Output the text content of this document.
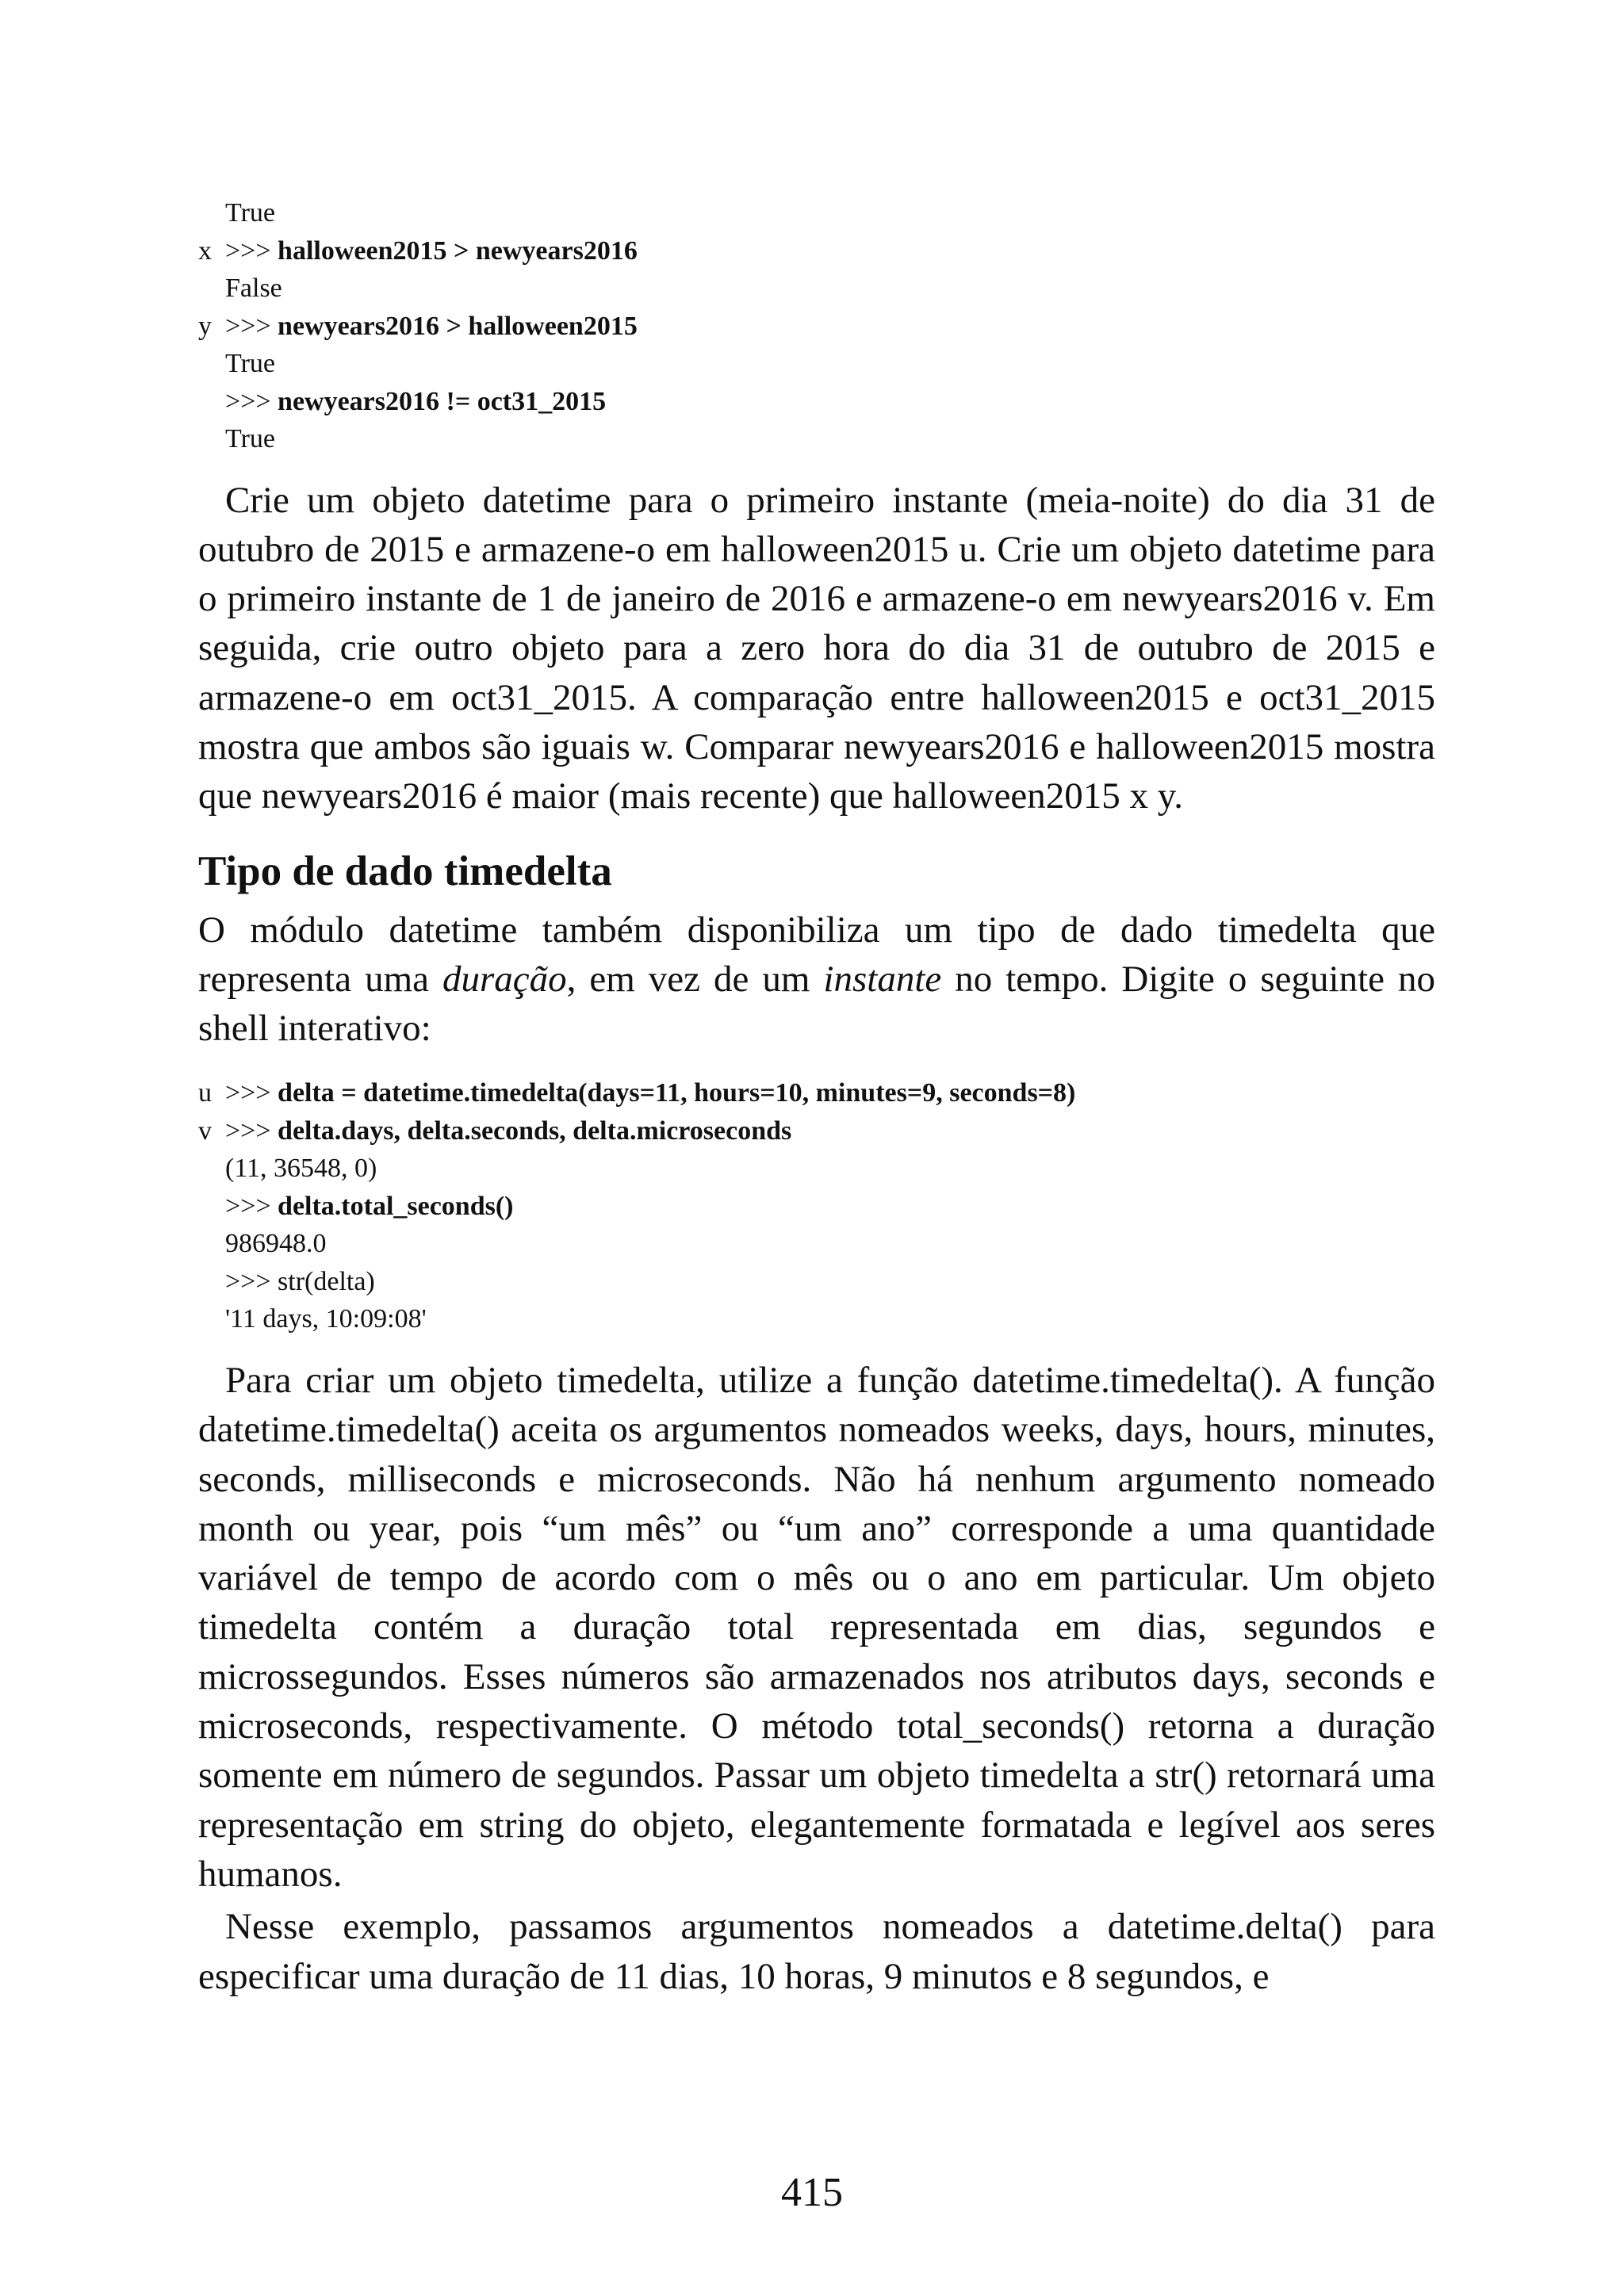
True
x >>> halloween2015 > newyears2016
False
y >>> newyears2016 > halloween2015
True
>>> newyears2016 != oct31_2015
True

Crie um objeto datetime para o primeiro instante (meia-noite) do dia 31 de outubro de 2015 e armazene-o em halloween2015 u. Crie um objeto datetime para o primeiro instante de 1 de janeiro de 2016 e armazene-o em newyears2016 v. Em seguida, crie outro objeto para a zero hora do dia 31 de outubro de 2015 e armazene-o em oct31_2015. A comparação entre halloween2015 e oct31_2015 mostra que ambos são iguais w. Comparar newyears2016 e halloween2015 mostra que newyears2016 é maior (mais recente) que halloween2015 x y.

Tipo de dado timedelta

O módulo datetime também disponibiliza um tipo de dado timedelta que representa uma duração, em vez de um instante no tempo. Digite o seguinte no shell interativo:

u >>> delta = datetime.timedelta(days=11, hours=10, minutes=9, seconds=8)
v >>> delta.days, delta.seconds, delta.microseconds
(11, 36548, 0)
>>> delta.total_seconds()
986948.0
>>> str(delta)
'11 days, 10:09:08'

Para criar um objeto timedelta, utilize a função datetime.timedelta(). A função datetime.timedelta() aceita os argumentos nomeados weeks, days, hours, minutes, seconds, milliseconds e microseconds. Não há nenhum argumento nomeado month ou year, pois “um mês” ou “um ano” corresponde a uma quantidade variável de tempo de acordo com o mês ou o ano em particular. Um objeto timedelta contém a duração total representada em dias, segundos e microssegundos. Esses números são armazenados nos atributos days, seconds e microseconds, respectivamente. O método total_seconds() retorna a duração somente em número de segundos. Passar um objeto timedelta a str() retornará uma representação em string do objeto, elegantemente formatada e legível aos seres humanos.

Nesse exemplo, passamos argumentos nomeados a datetime.delta() para especificar uma duração de 11 dias, 10 horas, 9 minutos e 8 segundos, e

415
